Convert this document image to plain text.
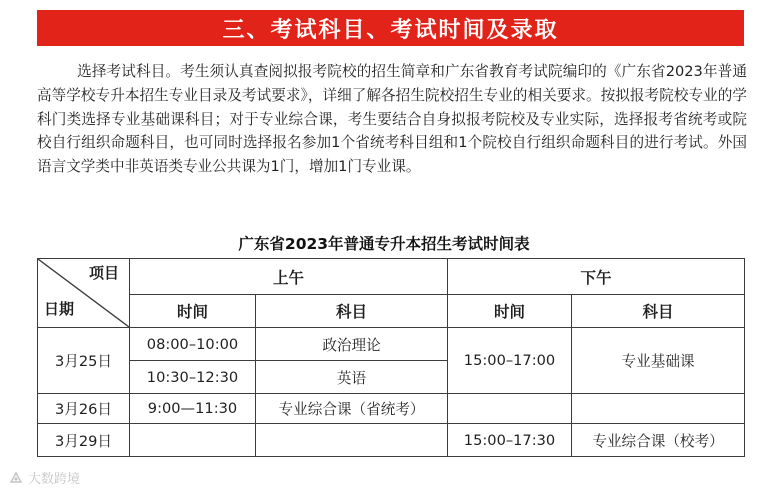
三、考试科目、考试时间及录取
选择考试科目。考生须认真查阅拟报考院校的招生简章和广东省教育考试院编印的《广东省2023年普通高等学校专升本招生专业目录及考试要求》，详细了解各招生院校招生专业的相关要求。按拟报考院校专业的学科门类选择专业基础课科目；对于专业综合课，考生要结合自身拟报考院校及专业实际，选择报考省统考或院校自行组织命题科目，也可同时选择报名参加1个省统考科目组和1个院校自行组织命题科目的进行考试。外国语言文学类中非英语类专业公共课为1门，增加1门专业课。
广东省2023年普通专升本招生考试时间表
项目
日期	上午		下午	
	时间	科目	时间	科目
3月25日	08:00–10:00	政治理论	15:00–17:00	专业基础课
	10:30–12:30	英语		
3月26日	9:00—11:30	专业综合课（省统考）		
3月29日			15:00–17:30	专业综合课（校考）
大数跨境
